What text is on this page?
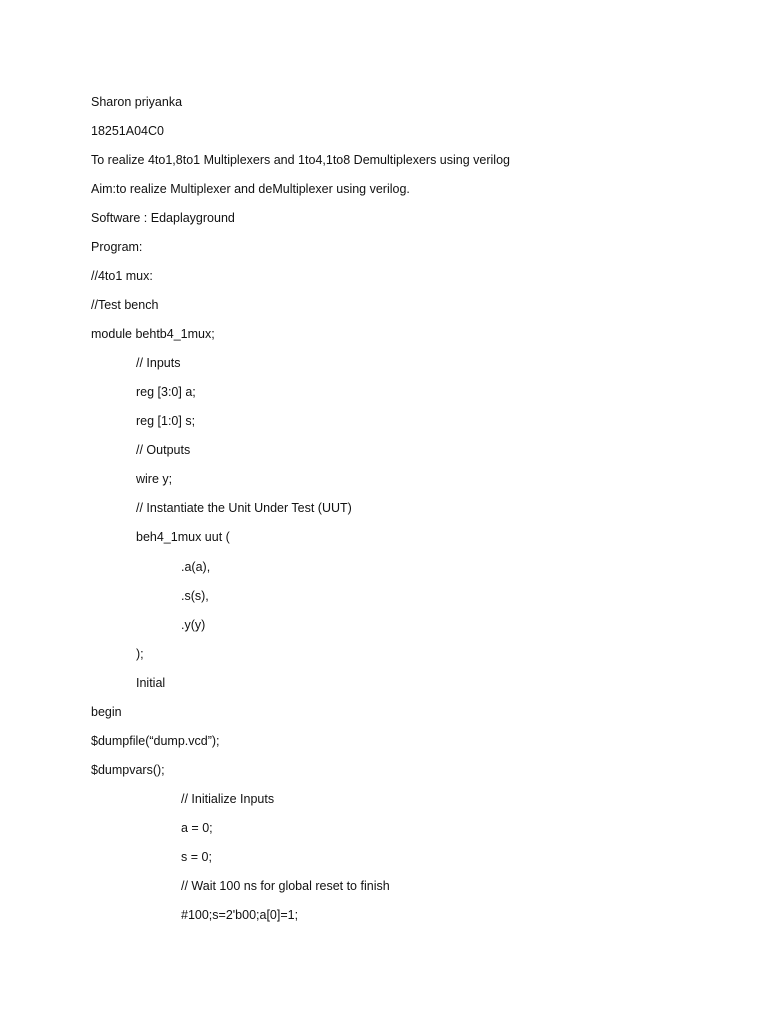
Sharon priyanka
18251A04C0
To realize 4to1,8to1 Multiplexers and 1to4,1to8 Demultiplexers using verilog
Aim:to realize Multiplexer and deMultiplexer using verilog.
Software : Edaplayground
Program:
//4to1 mux:
//Test bench
module behtb4_1mux;
// Inputs
reg [3:0] a;
reg [1:0] s;
// Outputs
wire y;
// Instantiate the Unit Under Test (UUT)
beh4_1mux uut (
.a(a),
.s(s),
.y(y)
);
Initial
begin
$dumpfile(“dump.vcd”);
$dumpvars();
// Initialize Inputs
a = 0;
s = 0;
// Wait 100 ns for global reset to finish
#100;s=2'b00;a[0]=1;
